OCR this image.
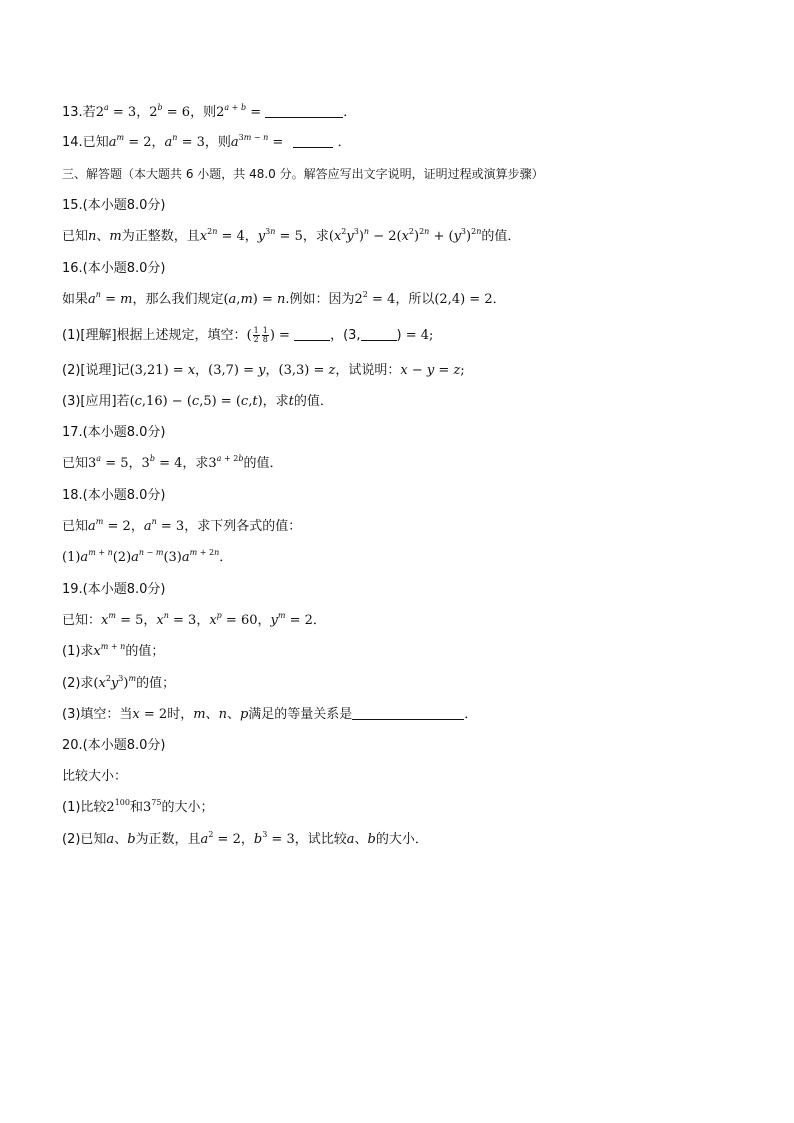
13.若$2^a = 3$，$2^b = 6$，则$2^{a + b}$ =	．
14.已知$a^m = 2$，$a^n = 3$，则$a^{3m - n}$ =	．
三、解答题（本大题共 6 小题，共 48.0 分。解答应写出文字说明，证明过程或演算步骤）
15.(本小题8.0分)
已知n、m为正整数，且$x^{2n} = 4$，$y^{3n} = 5$，求$(x^2y^3)^n - 2(x^2)^{2n} + (y^3)^{2n}$的值．
16.(本小题8.0分)
如果$a^n = m$，那么我们规定(a,m) = n.例如：因为$2^2 = 4$，所以(2,4) = 2．
(1)[理解]根据上述规定，填空：( $\frac{1}{2} \frac{1}{8}$ ) =	，(3,	) = 4;
(2)[说理]记(3,21) = x，(3,7) = y，(3,3) = z，试说明：x − y = z;
(3)[应用]若(c,16) − (c,5) = (c,t)，求t的值．
17.(本小题8.0分)
已知$3^a = 5$，$3^b = 4$，求$3^{a + 2b}$的值．
18.(本小题8.0分)
已知$a^m = 2$，$a^n = 3$，求下列各式的值：
$(1)a^{m + n}(2)a^{n - m}(3)a^{m + 2n}$．
19.(本小题8.0分)
已知：$x^m = 5$，$x^n = 3$，$x^p = 60$，$y^m = 2$．
(1)求$x^{m + n}$的值；
(2)求$(x^2y^3)^m$的值；
(3)填空：当x = 2时，m、n、p满足的等量关系是	．
20.(本小题8.0分)
比较大小：
(1)比较$2^{100}$和$3^{75}$的大小；
(2)已知a、b为正数，且$a^2 = 2$，$b^3 = 3$，试比较a、b的大小．
